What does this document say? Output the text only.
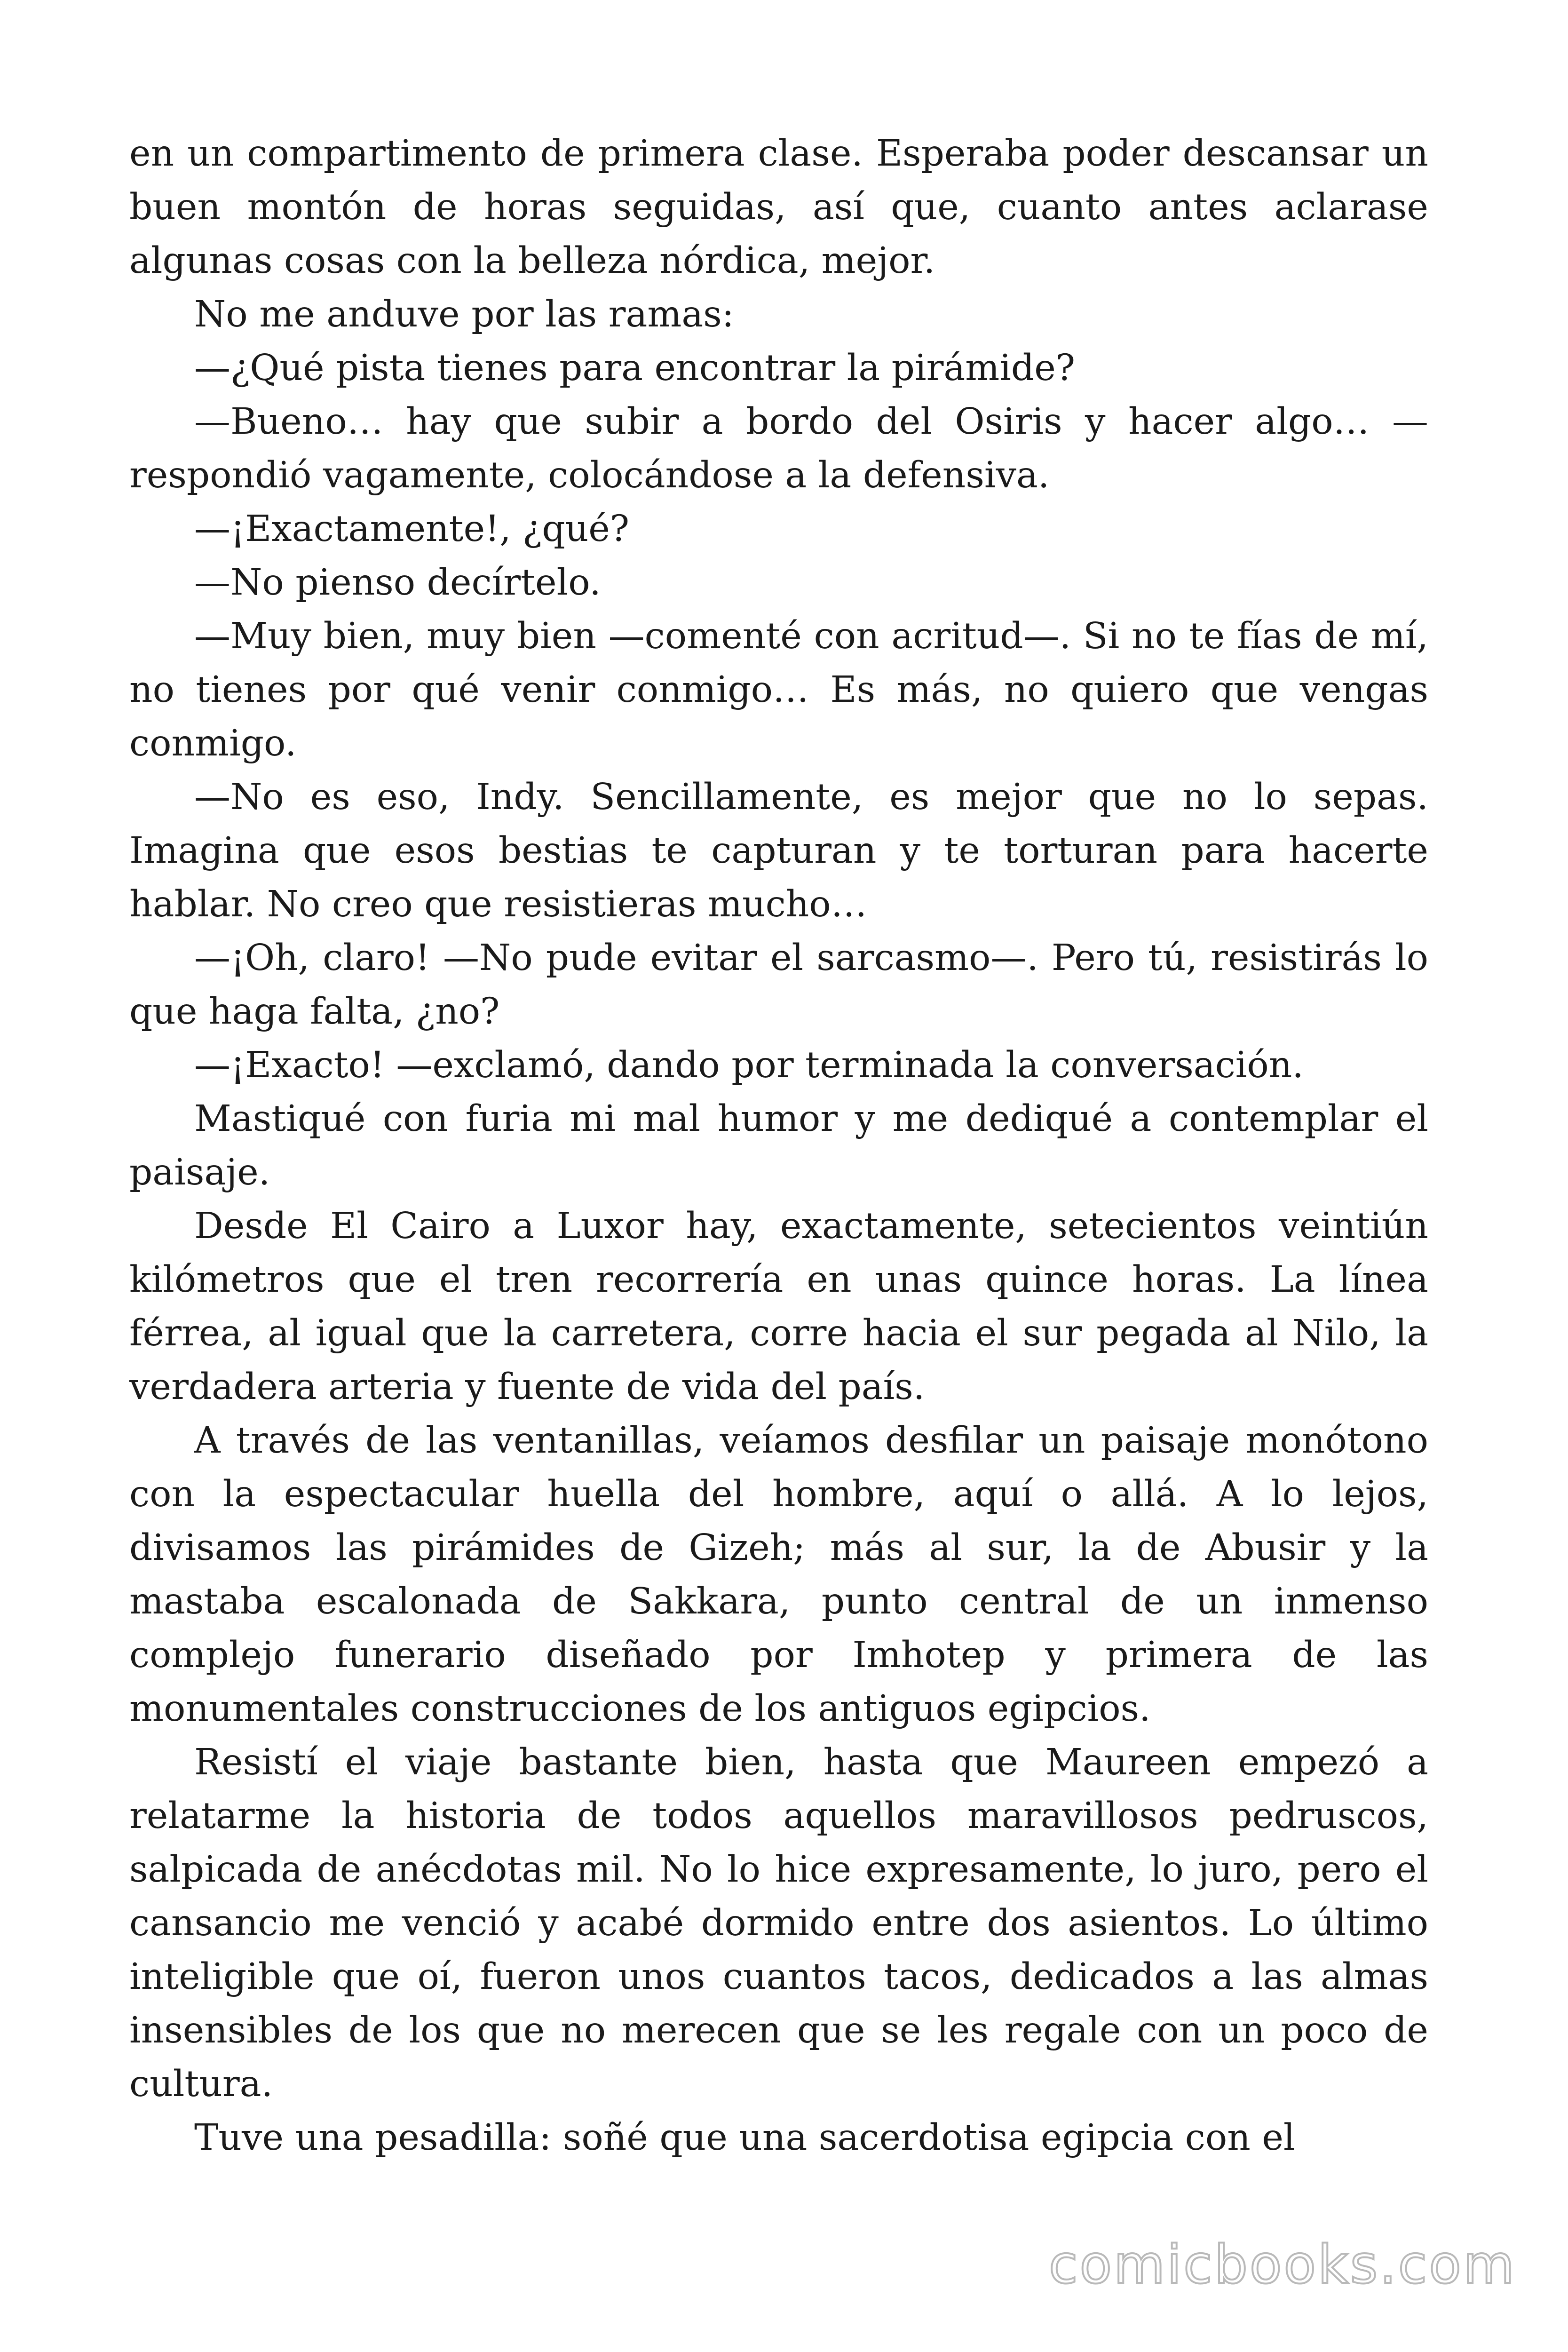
en un compartimento de primera clase. Esperaba poder descansar un buen montón de horas seguidas, así que, cuanto antes aclarase algunas cosas con la belleza nórdica, mejor.

No me anduve por las ramas:

—¿Qué pista tienes para encontrar la pirámide?

—Bueno… hay que subir a bordo del Osiris y hacer algo… —respondió vagamente, colocándose a la defensiva.

—¡Exactamente!, ¿qué?

—No pienso decírtelo.

—Muy bien, muy bien —comenté con acritud—. Si no te fías de mí, no tienes por qué venir conmigo… Es más, no quiero que vengas conmigo.

—No es eso, Indy. Sencillamente, es mejor que no lo sepas. Imagina que esos bestias te capturan y te torturan para hacerte hablar. No creo que resistieras mucho…

—¡Oh, claro! —No pude evitar el sarcasmo—. Pero tú, resistirás lo que haga falta, ¿no?

—¡Exacto! —exclamó, dando por terminada la conversación.

Mastiqué con furia mi mal humor y me dediqué a contemplar el paisaje.

Desde El Cairo a Luxor hay, exactamente, setecientos veintiún kilómetros que el tren recorrería en unas quince horas. La línea férrea, al igual que la carretera, corre hacia el sur pegada al Nilo, la verdadera arteria y fuente de vida del país.

A través de las ventanillas, veíamos desfilar un paisaje monótono con la espectacular huella del hombre, aquí o allá. A lo lejos, divisamos las pirámides de Gizeh; más al sur, la de Abusir y la mastaba escalonada de Sakkara, punto central de un inmenso complejo funerario diseñado por Imhotep y primera de las monumentales construcciones de los antiguos egipcios.

Resistí el viaje bastante bien, hasta que Maureen empezó a relatarme la historia de todos aquellos maravillosos pedruscos, salpicada de anécdotas mil. No lo hice expresamente, lo juro, pero el cansancio me venció y acabé dormido entre dos asientos. Lo último inteligible que oí, fueron unos cuantos tacos, dedicados a las almas insensibles de los que no merecen que se les regale con un poco de cultura.

Tuve una pesadilla: soñé que una sacerdotisa egipcia con el

comicbooks.com
